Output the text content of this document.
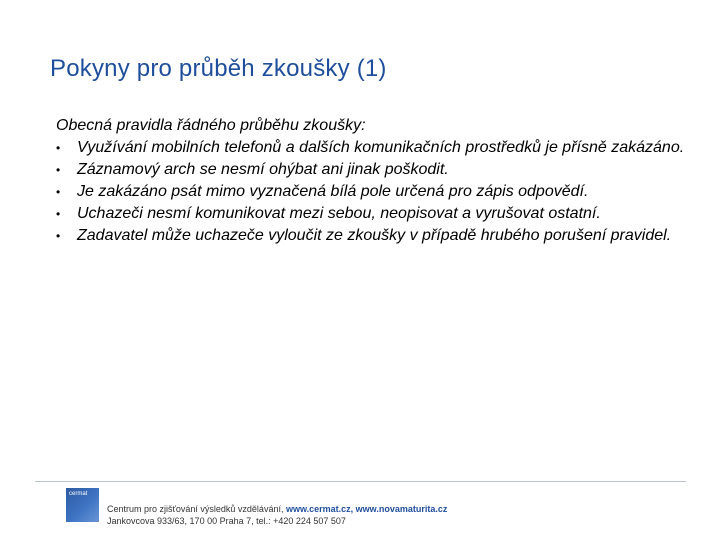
Pokyny pro průběh zkoušky (1)
Obecná pravidla řádného průběhu zkoušky:
• Využívání mobilních telefonů a dalších komunikačních prostředků je přísně zakázáno.
• Záznamový arch se nesmí ohýbat ani jinak poškodit.
• Je zakázáno psát mimo vyznačená bílá pole určená pro zápis odpovědí.
• Uchazeči nesmí komunikovat mezi sebou, neopisovat a vyrušovat ostatní.
• Zadavatel může uchazeče vyloučit ze zkoušky v případě hrubého porušení pravidel.
cermat
Centrum pro zjišťování výsledků vzdělávání, www.cermat.cz, www.novamaturita.cz
Jankovcova 933/63, 170 00 Praha 7, tel.: +420 224 507 507
